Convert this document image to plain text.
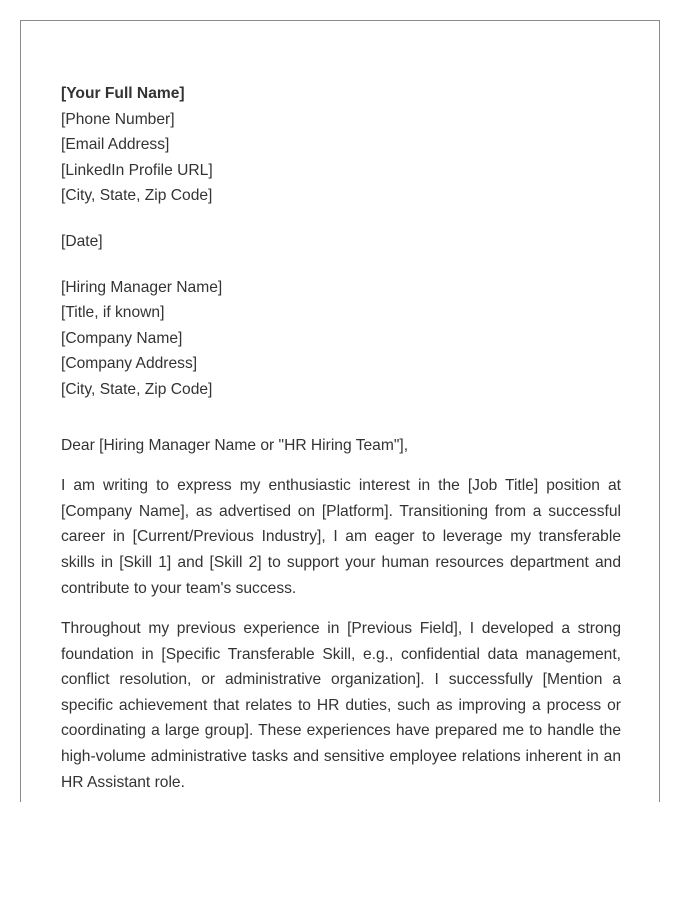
[Your Full Name]
[Phone Number]
[Email Address]
[LinkedIn Profile URL]
[City, State, Zip Code]
[Date]
[Hiring Manager Name]
[Title, if known]
[Company Name]
[Company Address]
[City, State, Zip Code]
Dear [Hiring Manager Name or "HR Hiring Team"],

I am writing to express my enthusiastic interest in the [Job Title] position at [Company Name], as advertised on [Platform]. Transitioning from a successful career in [Current/Previous Industry], I am eager to leverage my transferable skills in [Skill 1] and [Skill 2] to support your human resources department and contribute to your team's success.

Throughout my previous experience in [Previous Field], I developed a strong foundation in [Specific Transferable Skill, e.g., confidential data management, conflict resolution, or administrative organization]. I successfully [Mention a specific achievement that relates to HR duties, such as improving a process or coordinating a large group]. These experiences have prepared me to handle the high-volume administrative tasks and sensitive employee relations inherent in an HR Assistant role.
